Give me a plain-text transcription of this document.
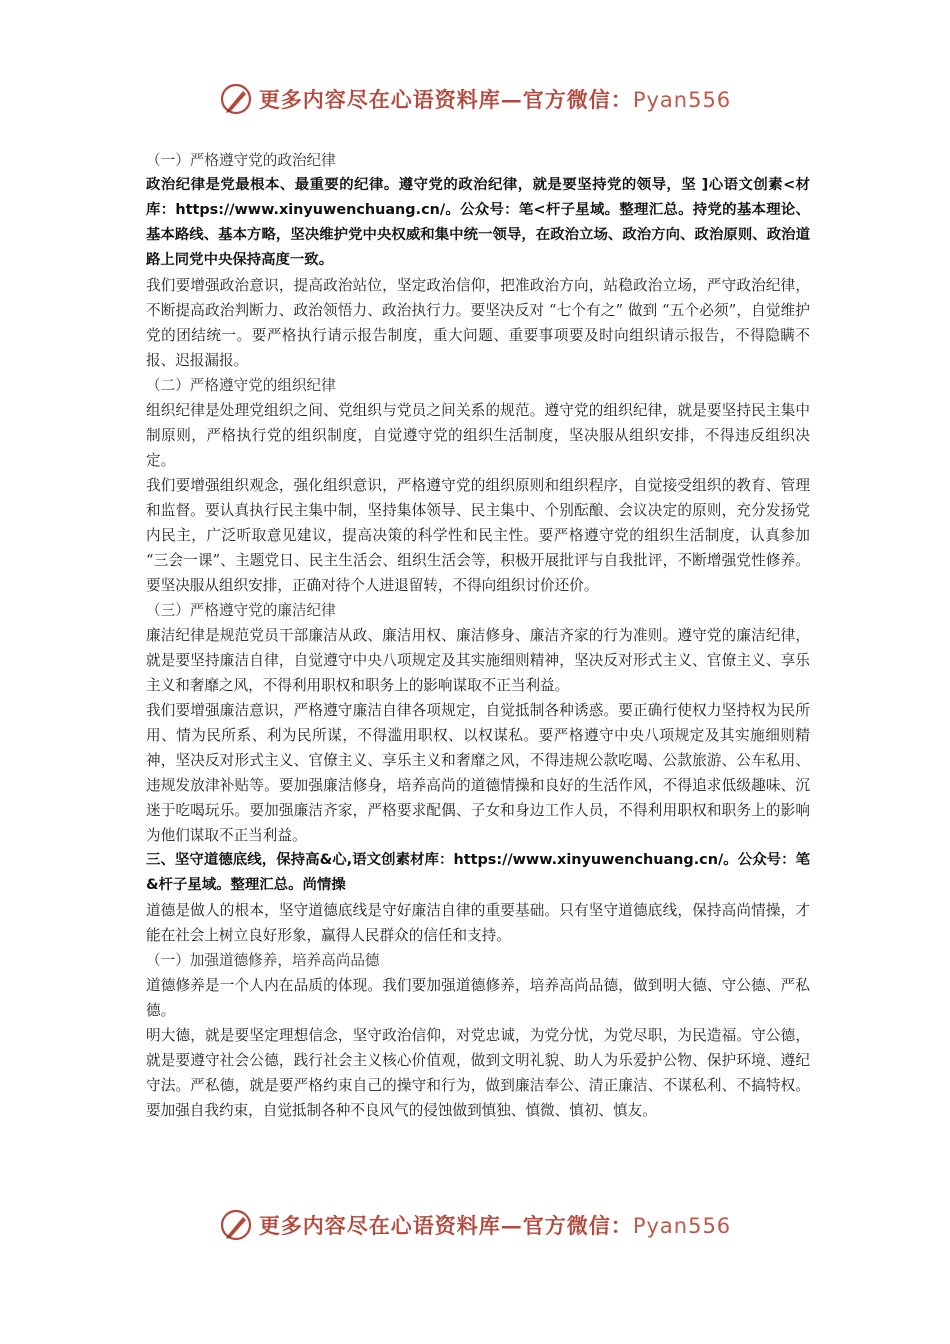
更多内容尽在心语资料库—官方微信：Pyan556

（一）严格遵守党的政治纪律

政治纪律是党最根本、最重要的纪律。遵守党的政治纪律，就是要坚持党的领导，坚 ]心语文创素<材库：https://www.xinyuwenchuang.cn/。公众号：笔<杆子星域。整理汇总。持党的基本理论、基本路线、基本方略，坚决维护党中央权威和集中统一领导，在政治立场、政治方向、政治原则、政治道路上同党中央保持高度一致。

我们要增强政治意识，提高政治站位，坚定政治信仰，把准政治方向，站稳政治立场，严守政治纪律，不断提高政治判断力、政治领悟力、政治执行力。要坚决反对 “七个有之” 做到 “五个必须”，自觉维护党的团结统一。要严格执行请示报告制度，重大问题、重要事项要及时向组织请示报告，不得隐瞒不报、迟报漏报。

（二）严格遵守党的组织纪律

组织纪律是处理党组织之间、党组织与党员之间关系的规范。遵守党的组织纪律，就是要坚持民主集中制原则，严格执行党的组织制度，自觉遵守党的组织生活制度，坚决服从组织安排，不得违反组织决定。

我们要增强组织观念，强化组织意识，严格遵守党的组织原则和组织程序，自觉接受组织的教育、管理和监督。要认真执行民主集中制，坚持集体领导、民主集中、个别酝酿、会议决定的原则，充分发扬党内民主，广泛听取意见建议，提高决策的科学性和民主性。要严格遵守党的组织生活制度，认真参加 “三会一课”、主题党日、民主生活会、组织生活会等，积极开展批评与自我批评，不断增强党性修养。要坚决服从组织安排，正确对待个人进退留转，不得向组织讨价还价。

（三）严格遵守党的廉洁纪律

廉洁纪律是规范党员干部廉洁从政、廉洁用权、廉洁修身、廉洁齐家的行为准则。遵守党的廉洁纪律，就是要坚持廉洁自律，自觉遵守中央八项规定及其实施细则精神，坚决反对形式主义、官僚主义、享乐主义和奢靡之风，不得利用职权和职务上的影响谋取不正当利益。

我们要增强廉洁意识，严格遵守廉洁自律各项规定，自觉抵制各种诱惑。要正确行使权力坚持权为民所用、情为民所系、利为民所谋，不得滥用职权、以权谋私。要严格遵守中央八项规定及其实施细则精神，坚决反对形式主义、官僚主义、享乐主义和奢靡之风，不得违规公款吃喝、公款旅游、公车私用、违规发放津补贴等。要加强廉洁修身，培养高尚的道德情操和良好的生活作风，不得追求低级趣味、沉迷于吃喝玩乐。要加强廉洁齐家，严格要求配偶、子女和身边工作人员，不得利用职权和职务上的影响为他们谋取不正当利益。

三、坚守道德底线，保持高&心,语文创素材库：https://www.xinyuwenchuang.cn/。公众号：笔&杆子星域。整理汇总。尚情操

道德是做人的根本，坚守道德底线是守好廉洁自律的重要基础。只有坚守道德底线，保持高尚情操，才能在社会上树立良好形象，赢得人民群众的信任和支持。

（一）加强道德修养，培养高尚品德

道德修养是一个人内在品质的体现。我们要加强道德修养，培养高尚品德，做到明大德、守公德、严私德。

明大德，就是要坚定理想信念，坚守政治信仰，对党忠诚，为党分忧，为党尽职，为民造福。守公德，就是要遵守社会公德，践行社会主义核心价值观，做到文明礼貌、助人为乐爱护公物、保护环境、遵纪守法。严私德，就是要严格约束自己的操守和行为，做到廉洁奉公、清正廉洁、不谋私利、不搞特权。要加强自我约束，自觉抵制各种不良风气的侵蚀做到慎独、慎微、慎初、慎友。

更多内容尽在心语资料库—官方微信：Pyan556
